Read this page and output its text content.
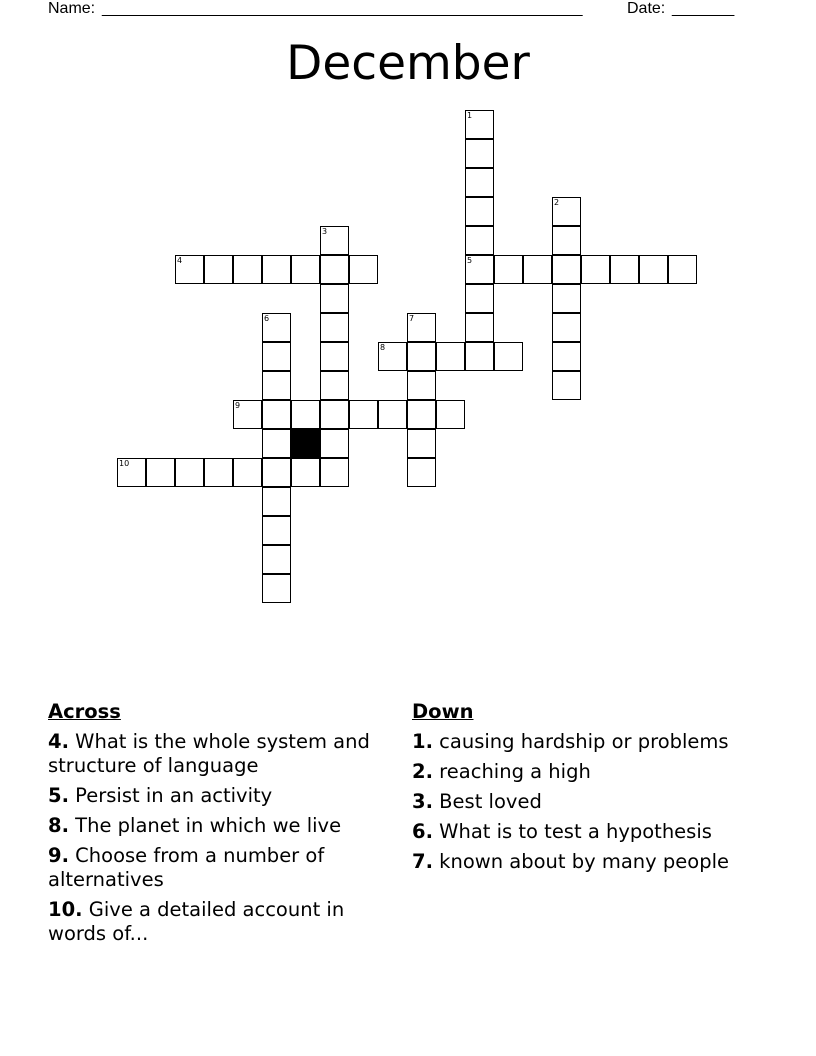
Name: ______________________________________________________	Date: _______
December
1
5
2
3
4
6	7
8
9
10
Across
4. What is the whole system and structure of language
5. Persist in an activity
8. The planet in which we live
9. Choose from a number of alternatives
10. Give a detailed account in words of...
Down
1. causing hardship or problems
2. reaching a high
3. Best loved
6. What is to test a hypothesis
7. known about by many people
